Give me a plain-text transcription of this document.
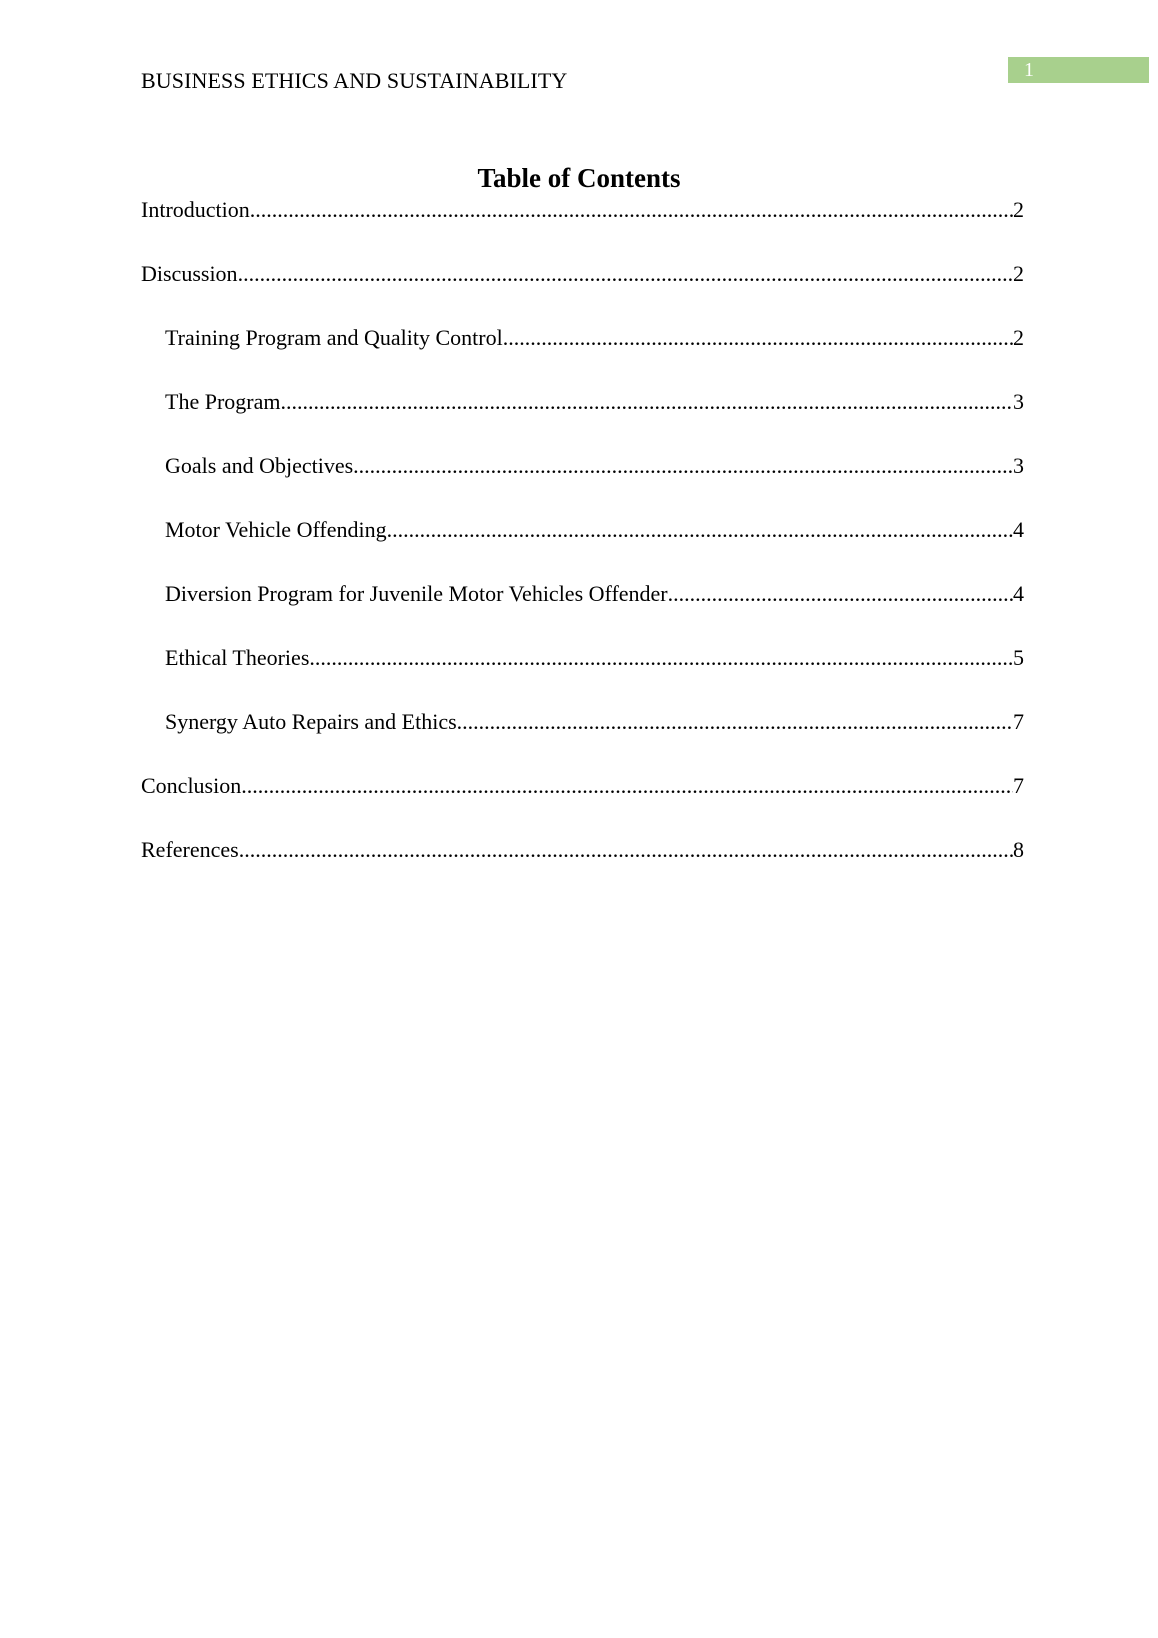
BUSINESS ETHICS AND SUSTAINABILITY	1
Table of Contents
Introduction .....	2
Discussion .....	2
Training Program and Quality Control .....	2
The Program .....	3
Goals and Objectives .....	3
Motor Vehicle Offending .....	4
Diversion Program for Juvenile Motor Vehicles Offender .....	4
Ethical Theories .....	5
Synergy Auto Repairs and Ethics .....	7
Conclusion .....	7
References .....	8
